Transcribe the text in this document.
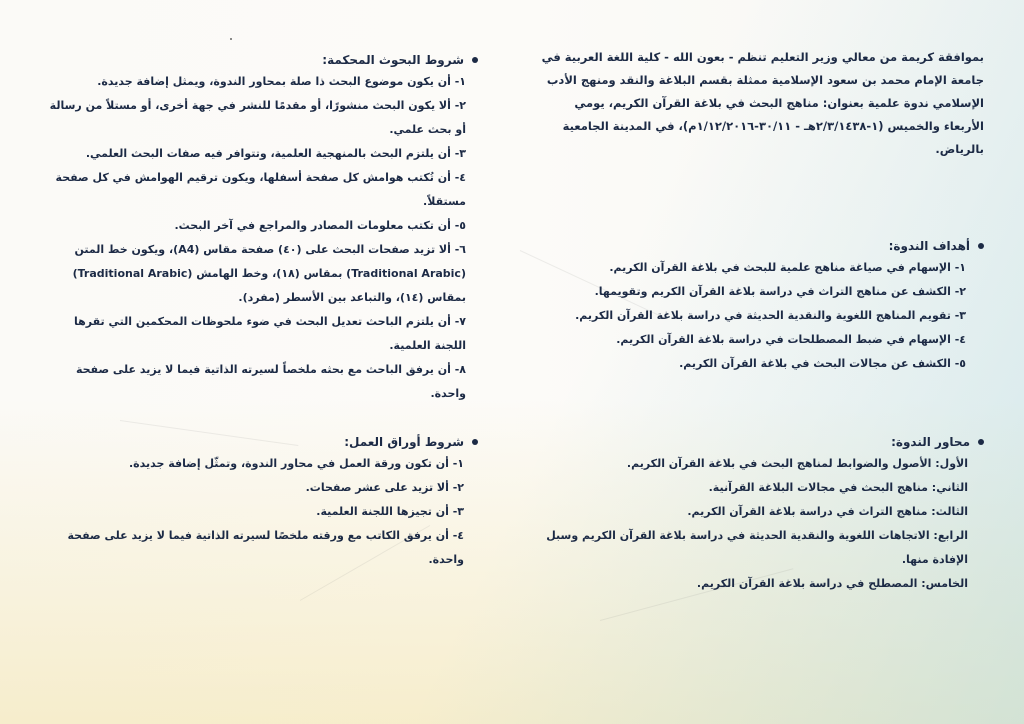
بموافقة كريمة من معالي وزير التعليم تنظم - بعون الله - كلية اللغة العربية في جامعة الإمام محمد بن سعود الإسلامية ممثلة بقسم البلاغة والنقد ومنهج الأدب الإسلامي ندوة علمية بعنوان: مناهج البحث في بلاغة القرآن الكريم، يومي الأربعاء والخميس (١-٢/٣/١٤٣٨هـ - ٣٠/١١-١/١٢/٢٠١٦م)، في المدينة الجامعية بالرياض.

أهداف الندوة:
١- الإسهام في صياغة مناهج علمية للبحث في بلاغة القرآن الكريم.
٢- الكشف عن مناهج التراث في دراسة بلاغة القرآن الكريم وتقويمها.
٣- تقويم المناهج اللغوية والنقدية الحديثة في دراسة بلاغة القرآن الكريم.
٤- الإسهام في ضبط المصطلحات في دراسة بلاغة القرآن الكريم.
٥- الكشف عن مجالات البحث في بلاغة القرآن الكريم.
محاور الندوة:
الأول: الأصول والضوابط لمناهج البحث في بلاغة القرآن الكريم.
الثاني: مناهج البحث في مجالات البلاغة القرآنية.
الثالث: مناهج التراث في دراسة بلاغة القرآن الكريم.
الرابع: الاتجاهات اللغوية والنقدية الحديثة في دراسة بلاغة القرآن الكريم وسبل الإفادة منها.
الخامس: المصطلح في دراسة بلاغة القرآن الكريم.
شروط البحوث المحكمة:
١- أن يكون موضوع البحث ذا صلة بمحاور الندوة، ويمثل إضافة جديدة.
٢- ألا يكون البحث منشورًا، أو مقدمًا للنشر في جهة أخرى، أو مستلاً من رسالة أو بحث علمي.
٣- أن يلتزم البحث بالمنهجية العلمية، وتتوافر فيه صفات البحث العلمي.
٤- أن تُكتب هوامش كل صفحة أسفلها، ويكون ترقيم الهوامش في كل صفحة مستقلاً.
٥- أن تكتب معلومات المصادر والمراجع في آخر البحث.
٦- ألا تزيد صفحات البحث على (٤٠) صفحة مقاس (A4)، ويكون خط المتن (Traditional Arabic) بمقاس (١٨)، وخط الهامش (Traditional Arabic) بمقاس (١٤)، والتباعد بين الأسطر (مفرد).
٧- أن يلتزم الباحث تعديل البحث في ضوء ملحوظات المحكمين التي تقرها اللجنة العلمية.
٨- أن يرفق الباحث مع بحثه ملخصاً لسيرته الذاتية فيما لا يزيد على صفحة واحدة.
شروط أوراق العمل:
١- أن تكون ورقة العمل في محاور الندوة، وتمثّل إضافة جديدة.
٢- ألا تزيد على عشر صفحات.
٣- أن تجيزها اللجنة العلمية.
٤- أن يرفق الكاتب مع ورقته ملخصًا لسيرته الذاتية فيما لا يزيد على صفحة واحدة.
